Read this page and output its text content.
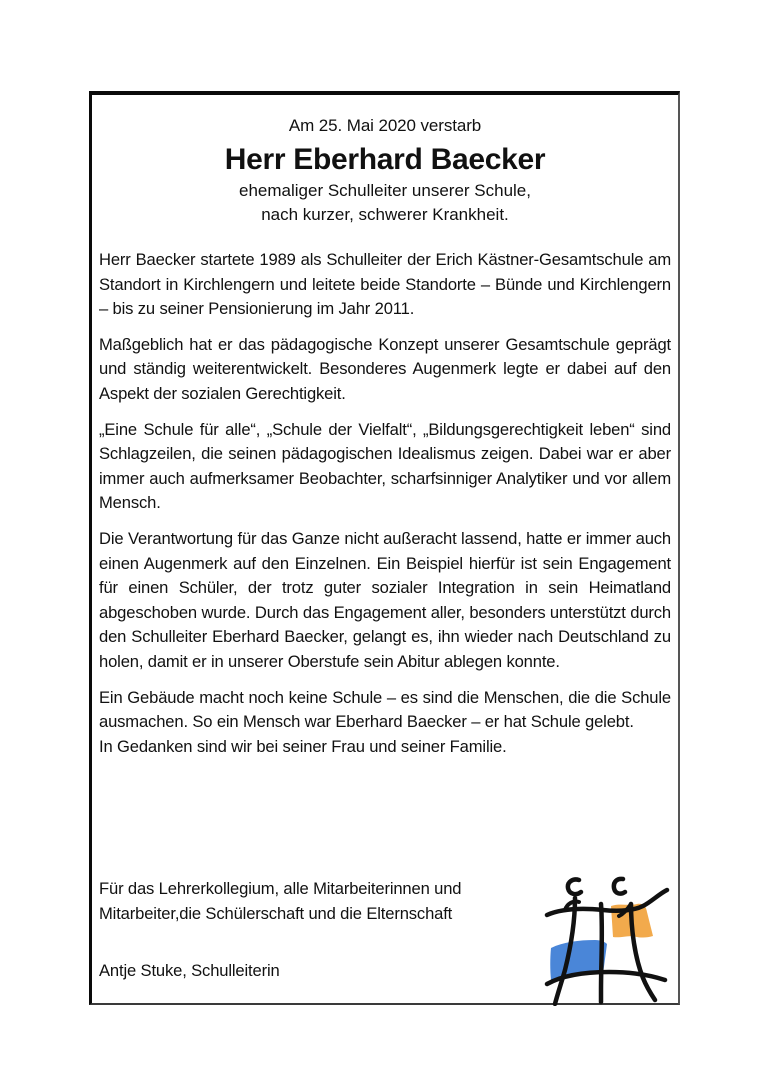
Am 25. Mai 2020 verstarb
Herr Eberhard Baecker
ehemaliger Schulleiter unserer Schule,
nach kurzer, schwerer Krankheit.

Herr Baecker startete 1989 als Schulleiter der Erich Kästner-Gesamtschule am Standort in Kirchlengern und leitete beide Standorte – Bünde und Kirchlengern – bis zu seiner Pensionierung im Jahr 2011.

Maßgeblich hat er das pädagogische Konzept unserer Gesamtschule geprägt und ständig weiterentwickelt. Besonderes Augenmerk legte er dabei auf den Aspekt der sozialen Gerechtigkeit.

„Eine Schule für alle“, „Schule der Vielfalt“, „Bildungsgerechtigkeit leben“ sind Schlagzeilen, die seinen pädagogischen Idealismus zeigen. Dabei war er aber immer auch aufmerksamer Beobachter, scharfsinniger Analytiker und vor allem Mensch.

Die Verantwortung für das Ganze nicht außeracht lassend, hatte er immer auch einen Augenmerk auf den Einzelnen. Ein Beispiel hierfür ist sein Engagement für einen Schüler, der trotz guter sozialer Integration in sein Heimatland abgeschoben wurde. Durch das Engagement aller, besonders unterstützt durch den Schulleiter Eberhard Baecker, gelangt es, ihn wieder nach Deutschland zu holen, damit er in unserer Oberstufe sein Abitur ablegen konnte.

Ein Gebäude macht noch keine Schule – es sind die Menschen, die die Schule ausmachen. So ein Mensch war Eberhard Baecker – er hat Schule gelebt.
In Gedanken sind wir bei seiner Frau und seiner Familie.
Für das Lehrerkollegium, alle Mitarbeiterinnen und
Mitarbeiter,die Schülerschaft und die Elternschaft
Antje Stuke, Schulleiterin
